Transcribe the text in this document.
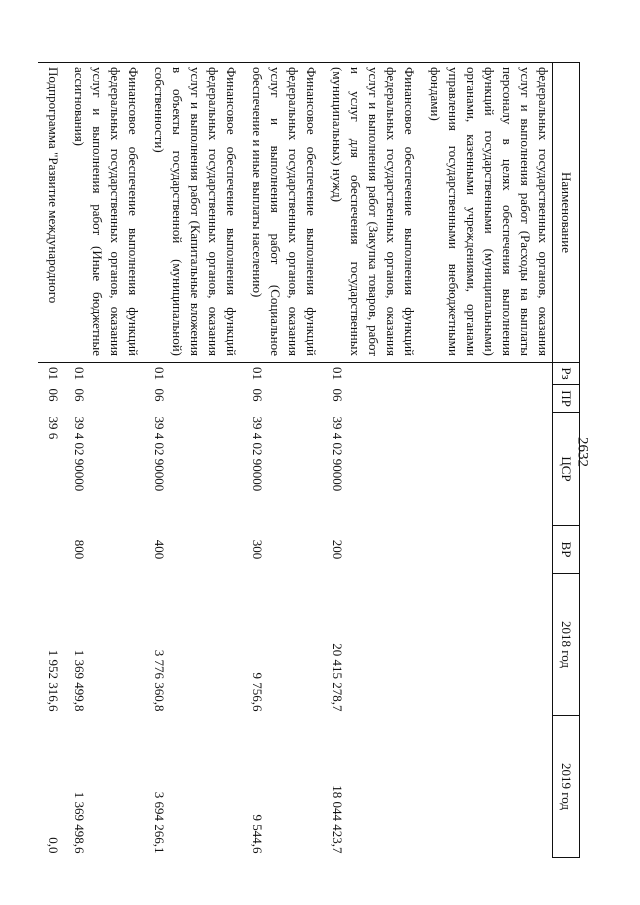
2632
Наименование	Рз	ПР	ЦСР	ВР	2018 год	2019 год
федеральных государственных органов, оказания услуг и выполнения работ (Расходы на выплаты персоналу в целях обеспечения выполнения функций государственными (муниципальными) органами, казенными учреждениями, органами управления государственными внебюджетными фондами)						
Финансовое обеспечение выполнения функций федеральных государственных органов, оказания услуг и выполнения работ (Закупка товаров, работ и услуг для обеспечения государственных (муниципальных) нужд)	01	06	39 4 02 90000	200	20 415 278,7	18 044 423,7
Финансовое обеспечение выполнения функций федеральных государственных органов, оказания услуг и выполнения работ (Социальное обеспечение и иные выплаты населению)	01	06	39 4 02 90000	300	9 756,6	9 544,6
Финансовое обеспечение выполнения функций федеральных государственных органов, оказания услуг и выполнения работ (Капитальные вложения в объекты государственной (муниципальной) собственности)	01	06	39 4 02 90000	400	3 776 360,8	3 694 266,1
Финансовое обеспечение выполнения функций федеральных государственных органов, оказания услуг и выполнения работ (Иные бюджетные ассигнования)	01	06	39 4 02 90000	800	1 369 499,8	1 369 498,6
Подпрограмма "Развитие международного	01	06	39 6		1 952 316,6	0,0
